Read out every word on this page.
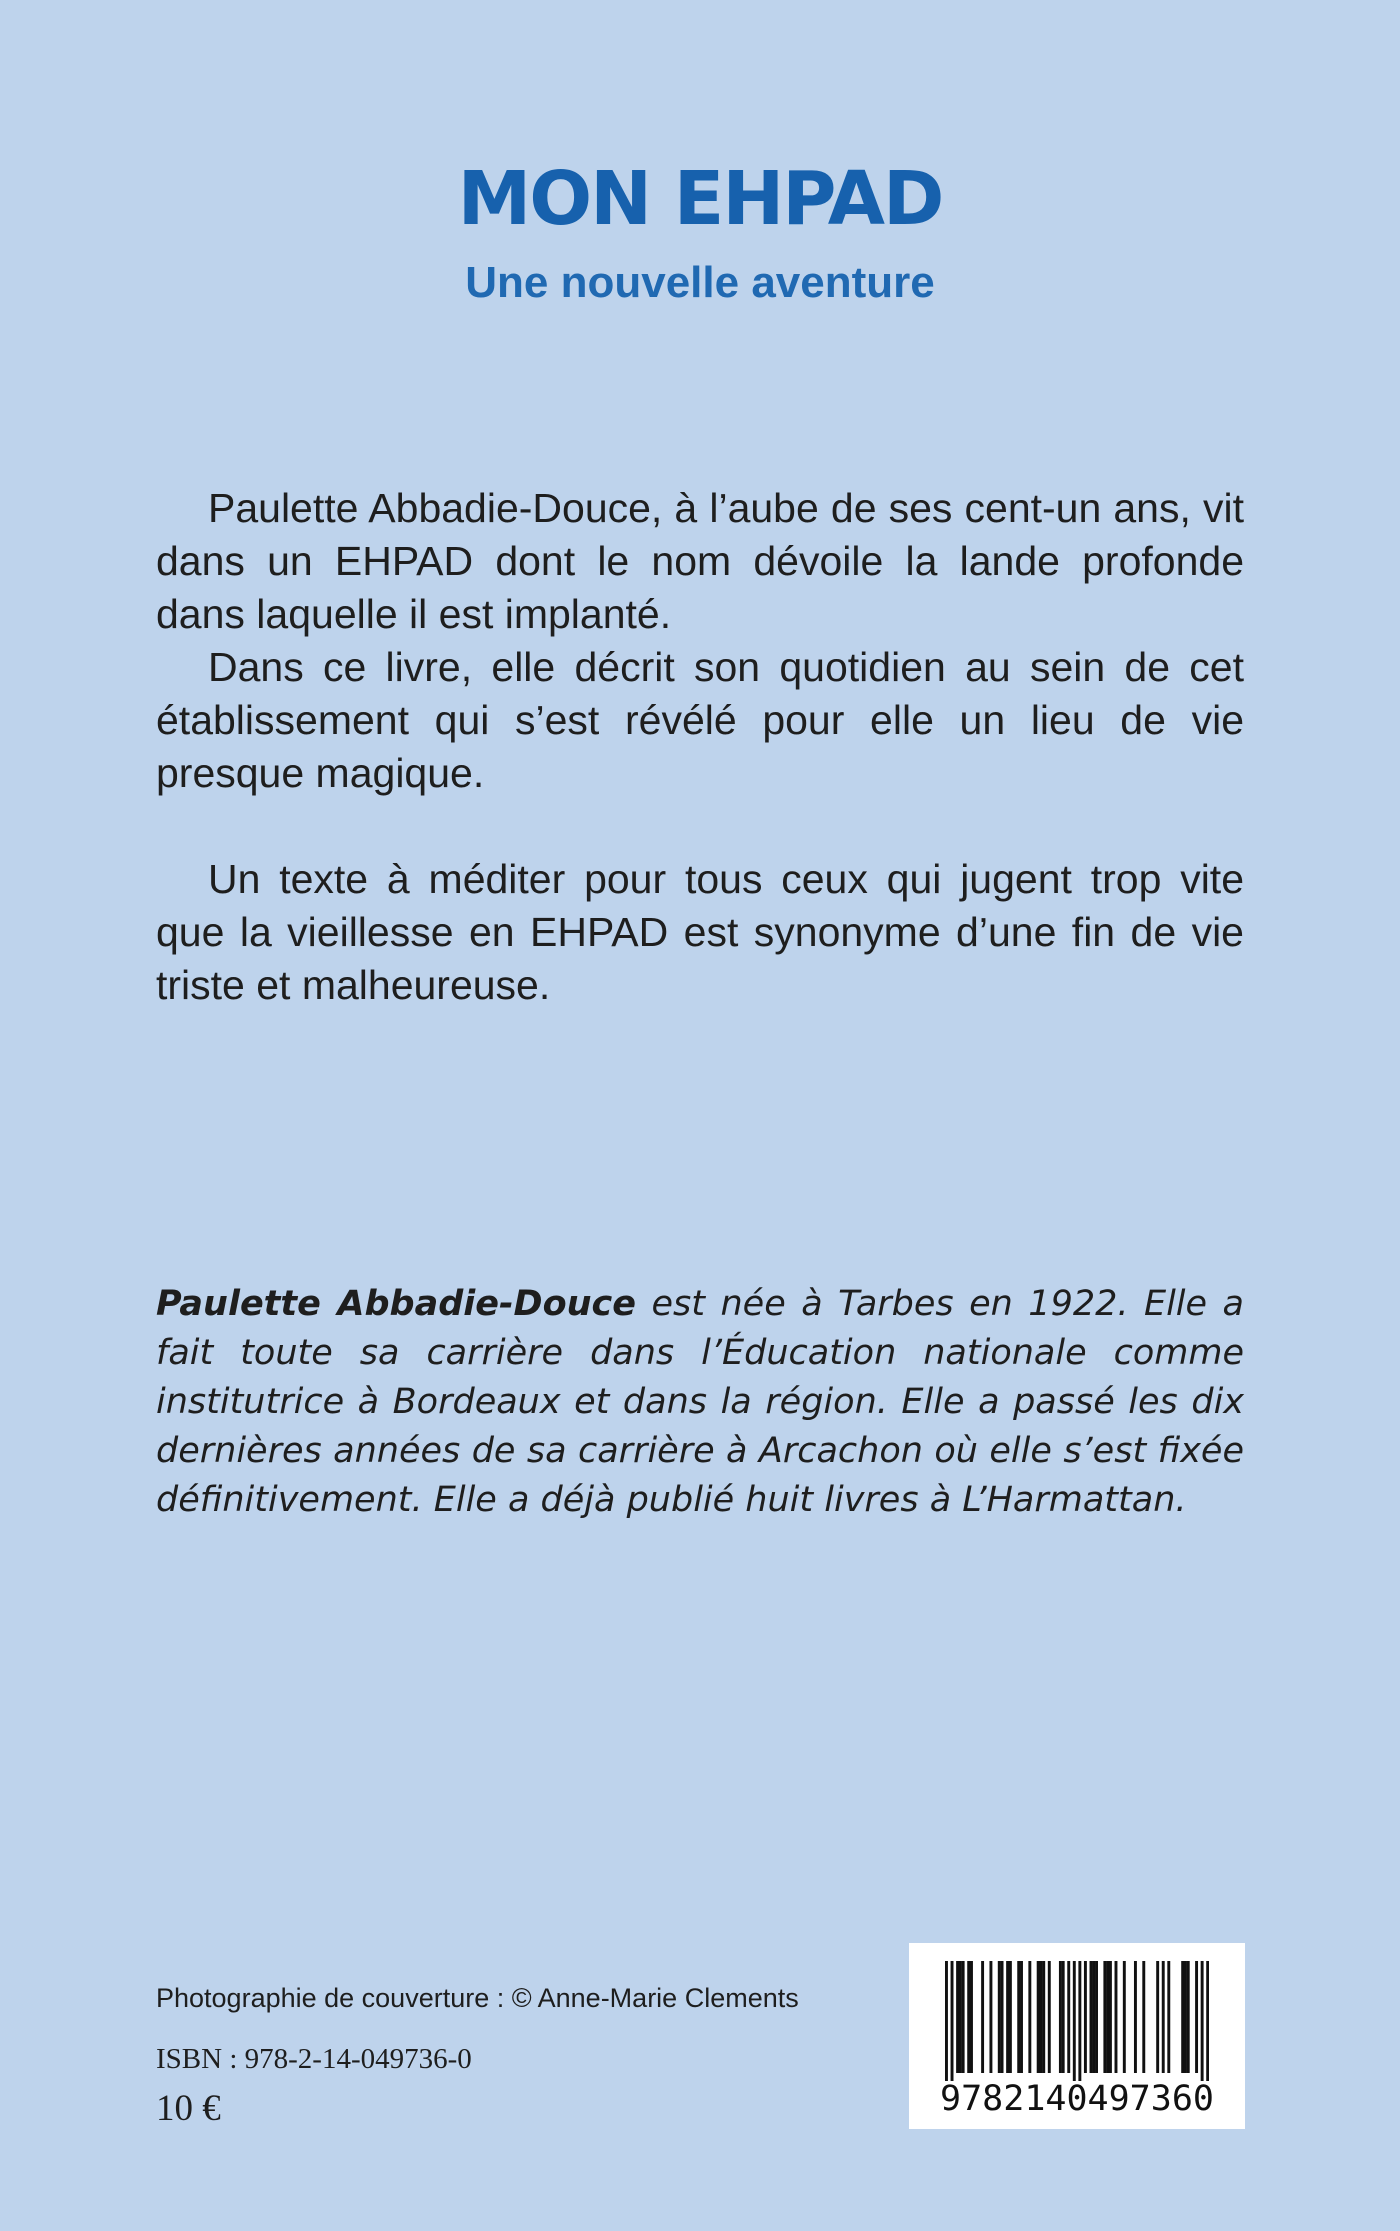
MON EHPAD
Une nouvelle aventure

Paulette Abbadie-Douce, à l’aube de ses cent-un ans, vit dans un EHPAD dont le nom dévoile la lande profonde dans laquelle il est implanté.

Dans ce livre, elle décrit son quotidien au sein de cet établissement qui s’est révélé pour elle un lieu de vie presque magique.

Un texte à méditer pour tous ceux qui jugent trop vite que la vieillesse en EHPAD est synonyme d’une fin de vie triste et malheureuse.

Paulette Abbadie-Douce est née à Tarbes en 1922. Elle a fait toute sa carrière dans l’Éducation nationale comme institutrice à Bordeaux et dans la région. Elle a passé les dix dernières années de sa carrière à Arcachon où elle s’est fixée définitivement. Elle a déjà publié huit livres à L’Harmattan.

Photographie de couverture : © Anne-Marie Clements

ISBN : 978-2-14-049736-0

10 €	9782140497360
